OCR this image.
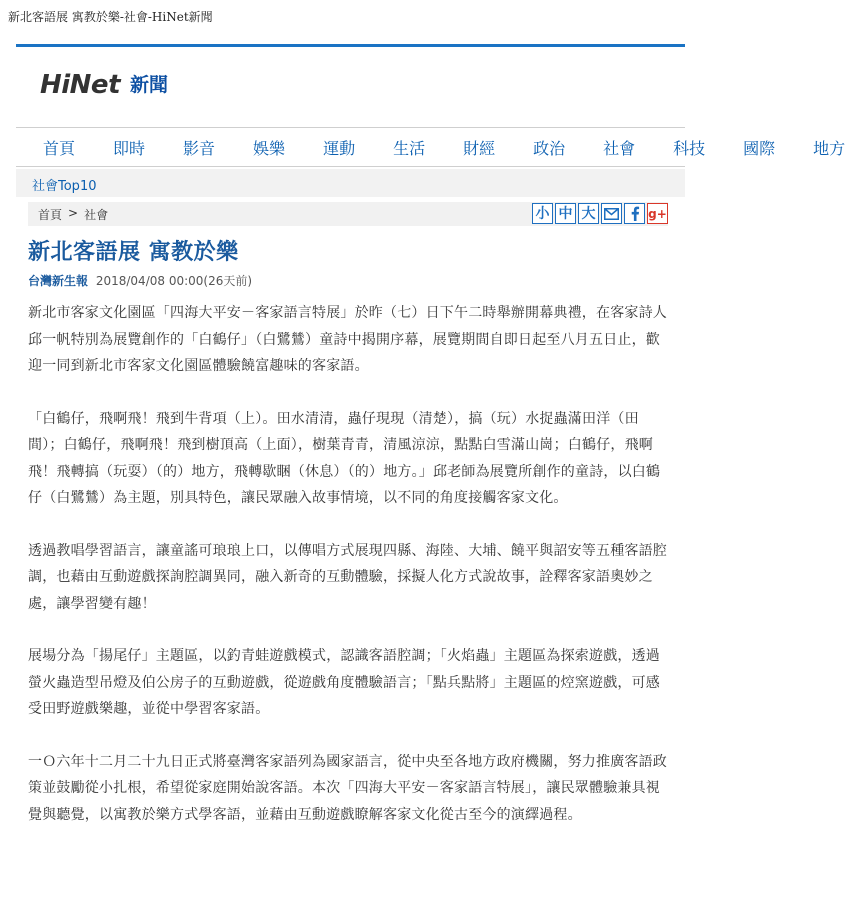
新北客語展 寓教於樂-社會-HiNet新聞
HiNet 新聞
首頁	即時	影音	娛樂	運動	生活	財經	政治	社會	科技	國際	地方
社會Top10
首頁 > 社會	小 中 大	g+
新北客語展 寓教於樂
台灣新生報 2018/04/08 00:00(26天前)

新北市客家文化園區「四海大平安－客家語言特展」於昨（七）日下午二時舉辦開幕典禮，在客家詩人邱一帆特別為展覽創作的「白鶴仔」（白鷺鷥）童詩中揭開序幕，展覽期間自即日起至八月五日止，歡迎一同到新北市客家文化園區體驗饒富趣味的客家語。

「白鶴仔，飛啊飛！飛到牛背項（上）。田水清清，蟲仔現現（清楚），搞（玩）水捉蟲滿田洋（田間）；白鶴仔，飛啊飛！飛到樹頂高（上面），樹葉青青，清風涼涼，點點白雪滿山崗；白鶴仔，飛啊飛！飛轉搞（玩耍）（的）地方，飛轉歇睏（休息）（的）地方。」邱老師為展覽所創作的童詩，以白鶴仔（白鷺鷥）為主題，別具特色，讓民眾融入故事情境，以不同的角度接觸客家文化。

透過教唱學習語言，讓童謠可琅琅上口，以傳唱方式展現四縣、海陸、大埔、饒平與詔安等五種客語腔調，也藉由互動遊戲探詢腔調異同，融入新奇的互動體驗，採擬人化方式說故事，詮釋客家語奧妙之處，讓學習變有趣！

展場分為「揚尾仔」主題區，以釣青蛙遊戲模式，認識客語腔調；「火焰蟲」主題區為探索遊戲，透過螢火蟲造型吊燈及伯公房子的互動遊戲，從遊戲角度體驗語言；「點兵點將」主題區的焢窯遊戲，可感受田野遊戲樂趣，並從中學習客家語。

一Ｏ六年十二月二十九日正式將臺灣客家語列為國家語言，從中央至各地方政府機關，努力推廣客語政策並鼓勵從小扎根，希望從家庭開始說客語。本次「四海大平安－客家語言特展」，讓民眾體驗兼具視覺與聽覺，以寓教於樂方式學客語，並藉由互動遊戲瞭解客家文化從古至今的演繹過程。
